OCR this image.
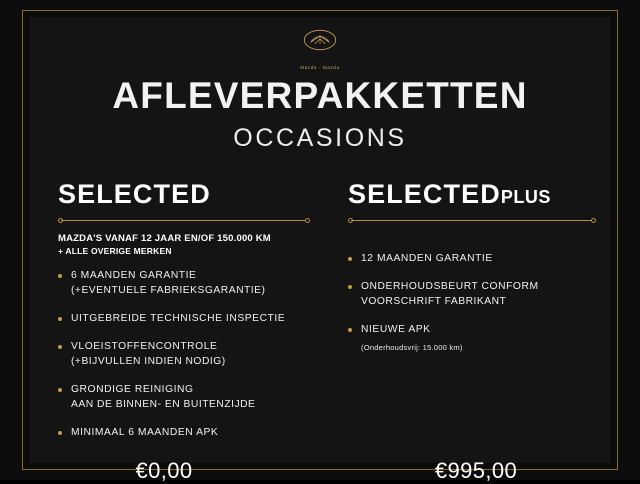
Mazda - Mazda
AFLEVERPAKKETTEN
OCCASIONS
SELECTED
MAZDA'S VANAF 12 JAAR EN/OF 150.000 KM
+ ALLE OVERIGE MERKEN
6 MAANDEN GARANTIE
(+EVENTUELE FABRIEKSGARANTIE)
UITGEBREIDE TECHNISCHE INSPECTIE
VLOEISTOFFENCONTROLE
(+BIJVULLEN INDIEN NODIG)
GRONDIGE REINIGING
AAN DE BINNEN- EN BUITENZIJDE
MINIMAAL 6 MAANDEN APK
SELECTEDPLUS
12 MAANDEN GARANTIE
ONDERHOUDSBEURT CONFORM
VOORSCHRIFT FABRIKANT
NIEUWE APK
(Onderhoudsvrij: 15.000 km)
€0,00	€995,00
